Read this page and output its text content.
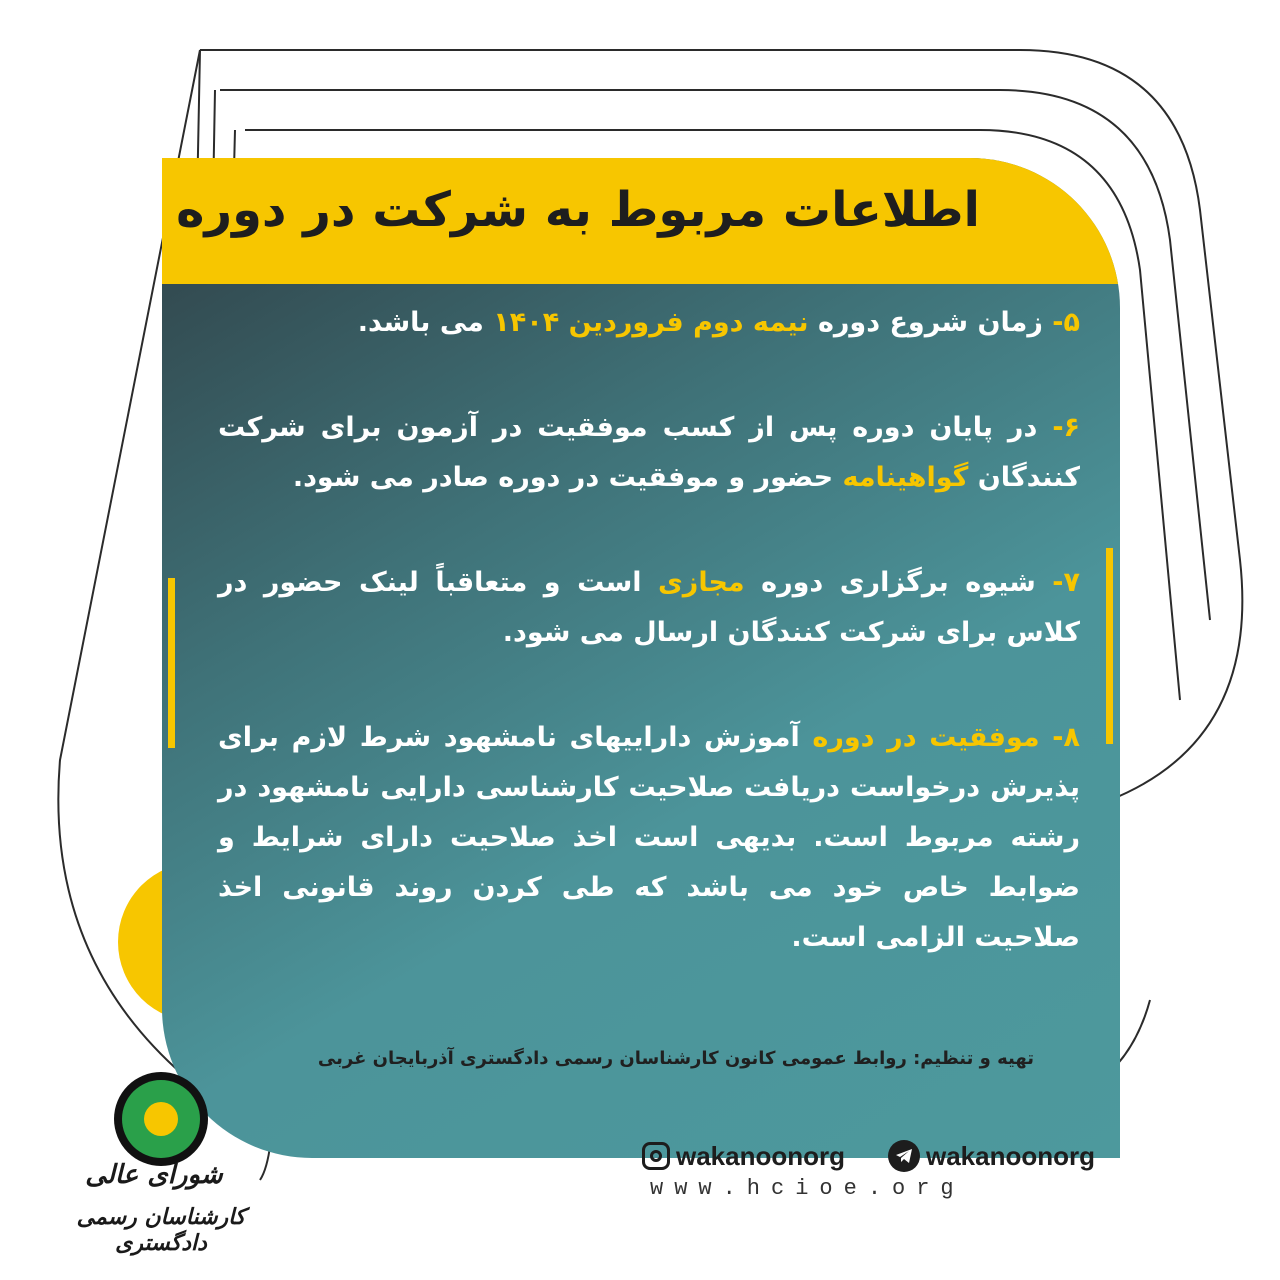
اطلاعات مربوط به شرکت در دوره

۵- زمان شروع دوره نیمه دوم فروردین ۱۴۰۴ می باشد.

۶- در پایان دوره پس از کسب موفقیت در آزمون برای شرکت کنندگان گواهینامه حضور و موفقیت در دوره صادر می شود.

۷- شیوه برگزاری دوره مجازی است و متعاقباً لینک حضور در کلاس برای شرکت کنندگان ارسال می شود.

۸- موفقیت در دوره آموزش داراییهای نامشهود شرط لازم برای پذیرش درخواست دریافت صلاحیت کارشناسی دارایی نامشهود در رشته مربوط است. بدیهی است اخذ صلاحیت دارای شرایط و ضوابط خاص خود می باشد که طی کردن روند قانونی اخذ صلاحیت الزامی است.

تهیه و تنظیم: روابط عمومی کانون کارشناسان رسمی دادگستری آذربایجان غربی
شورای عالی
کارشناسان رسمی دادگستری
wakanoonorg	wakanoonorg
www.hcioe.org
